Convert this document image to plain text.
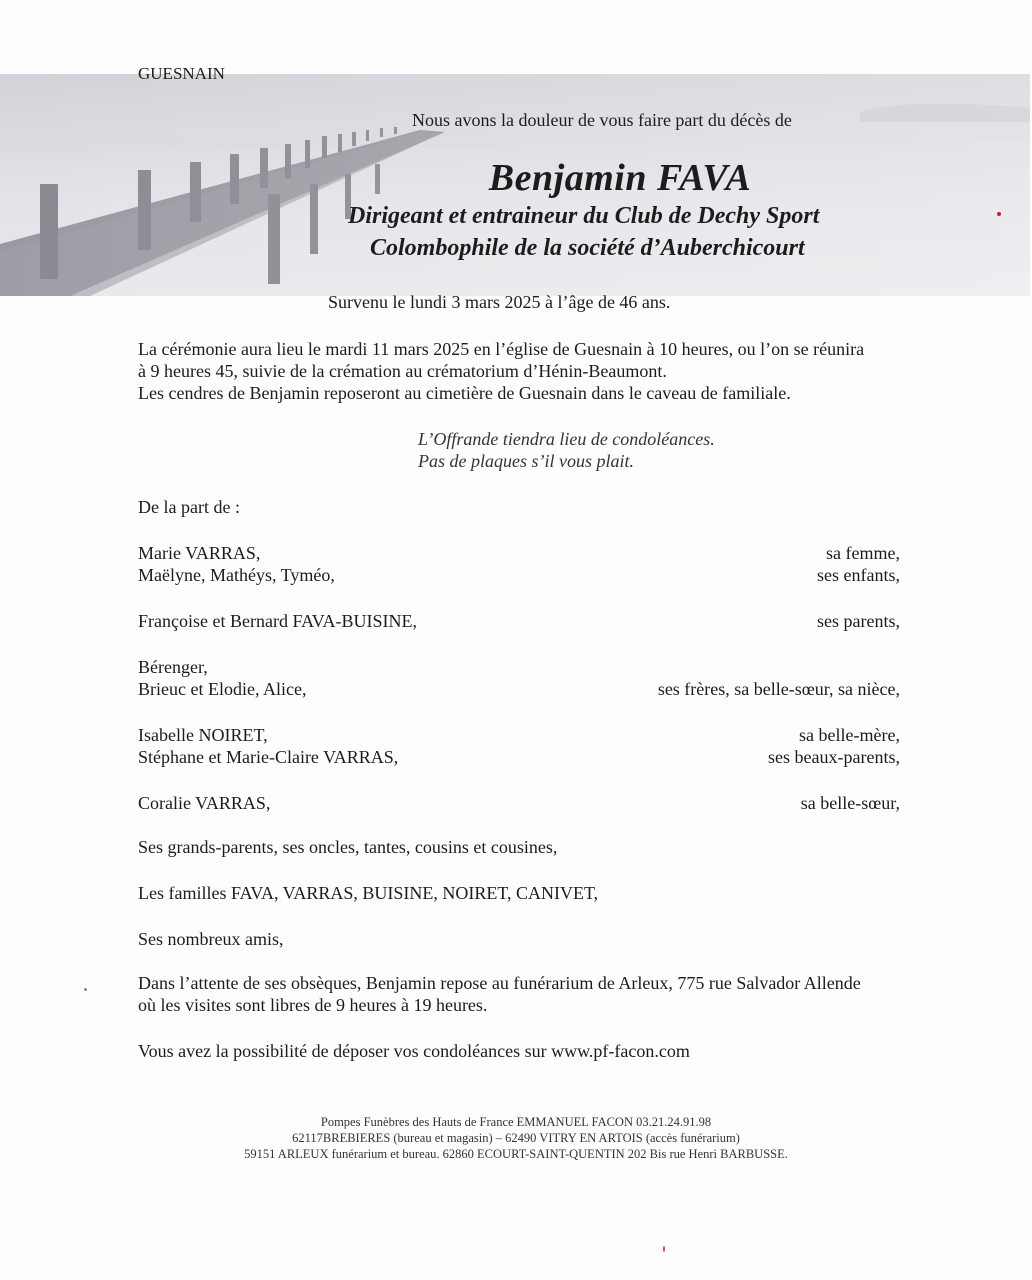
GUESNAIN
Nous avons la douleur de vous faire part du décès de
Benjamin FAVA
Dirigeant et entraineur du Club de Dechy Sport
Colombophile de la société d’Auberchicourt
Survenu le lundi 3 mars 2025 à l’âge de 46 ans.
La cérémonie aura lieu le mardi 11 mars 2025 en l’église de Guesnain à 10 heures, ou l’on se réunira
à 9 heures 45, suivie de la crémation au crématorium d’Hénin-Beaumont.
Les cendres de Benjamin reposeront au cimetière de Guesnain dans le caveau de familiale.
L’Offrande tiendra lieu de condoléances.
Pas de plaques s’il vous plait.
De la part de :
Marie VARRAS,
Maëlyne, Mathéys, Tyméo,
Françoise et Bernard FAVA-BUISINE,
Bérenger,
Brieuc et Elodie, Alice,
Isabelle NOIRET,
Stéphane et Marie-Claire VARRAS,
Coralie VARRAS,
sa femme,
ses enfants,
ses parents,
ses frères, sa belle-sœur, sa nièce,
sa belle-mère,
ses beaux-parents,
sa belle-sœur,
Ses grands-parents, ses oncles, tantes, cousins et cousines,
Les familles FAVA, VARRAS, BUISINE, NOIRET, CANIVET,
Ses nombreux amis,
Dans l’attente de ses obsèques, Benjamin repose au funérarium de Arleux, 775 rue Salvador Allende
où les visites sont libres de 9 heures à 19 heures.
Vous avez la possibilité de déposer vos condoléances sur www.pf-facon.com
Pompes Funèbres des Hauts de France EMMANUEL FACON 03.21.24.91.98
62117BREBIERES (bureau et magasin) – 62490 VITRY EN ARTOIS (accès funérarium)
59151 ARLEUX funérarium et bureau. 62860 ECOURT-SAINT-QUENTIN 202 Bis rue Henri BARBUSSE.
